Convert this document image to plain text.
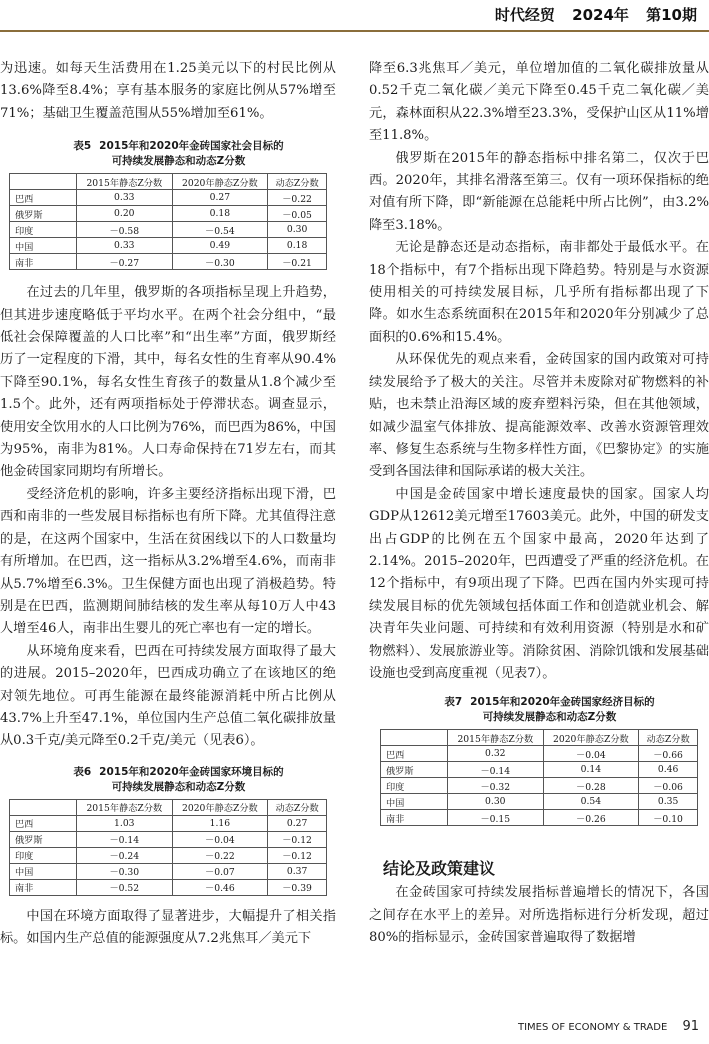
时代经贸 2024年 第10期

为迅速。如每天生活费用在1.25美元以下的村民比例从13.6%降至8.4%；享有基本服务的家庭比例从57%增至71%；基础卫生覆盖范围从55%增加至61%。

表5 2015年和2020年金砖国家社会目标的

可持续发展静态和动态Z分数

	2015年静态Z分数	2020年静态Z分数	动态Z分数
巴西	0.33	0.27	－0.22
俄罗斯	0.20	0.18	－0.05
印度	－0.58	－0.54	0.30
中国	0.33	0.49	0.18
南非	－0.27	－0.30	－0.21

在过去的几年里，俄罗斯的各项指标呈现上升趋势，但其进步速度略低于平均水平。在两个社会分组中，“最低社会保障覆盖的人口比率”和“出生率”方面，俄罗斯经历了一定程度的下滑，其中，每名女性的生育率从90.4%下降至90.1%，每名女性生育孩子的数量从1.8个减少至1.5个。此外，还有两项指标处于停滞状态。调查显示，使用安全饮用水的人口比例为76%，而巴西为86%，中国为95%，南非为81%。人口寿命保持在71岁左右，而其他金砖国家同期均有所增长。

受经济危机的影响，许多主要经济指标出现下滑，巴西和南非的一些发展目标指标也有所下降。尤其值得注意的是，在这两个国家中，生活在贫困线以下的人口数量均有所增加。在巴西，这一指标从3.2%增至4.6%，而南非从5.7%增至6.3%。卫生保健方面也出现了消极趋势。特别是在巴西，监测期间肺结核的发生率从每10万人中43人增至46人，南非出生婴儿的死亡率也有一定的增长。

从环境角度来看，巴西在可持续发展方面取得了最大的进展。2015–2020年，巴西成功确立了在该地区的绝对领先地位。可再生能源在最终能源消耗中所占比例从43.7%上升至47.1%，单位国内生产总值二氧化碳排放量从0.3千克/美元降至0.2千克/美元（见表6）。

表6 2015年和2020年金砖国家环境目标的

可持续发展静态和动态Z分数

	2015年静态Z分数	2020年静态Z分数	动态Z分数
巴西	1.03	1.16	0.27
俄罗斯	－0.14	－0.04	－0.12
印度	－0.24	－0.22	－0.12
中国	－0.30	－0.07	0.37
南非	－0.52	－0.46	－0.39

中国在环境方面取得了显著进步，大幅提升了相关指标。如国内生产总值的能源强度从7.2兆焦耳／美元下

降至6.3兆焦耳／美元，单位增加值的二氧化碳排放量从0.52千克二氧化碳／美元下降至0.45千克二氧化碳／美元，森林面积从22.3%增至23.3%，受保护山区从11%增至11.8%。

俄罗斯在2015年的静态指标中排名第二，仅次于巴西。2020年，其排名滑落至第三。仅有一项环保指标的绝对值有所下降，即“新能源在总能耗中所占比例”，由3.2%降至3.18%。

无论是静态还是动态指标，南非都处于最低水平。在18个指标中，有7个指标出现下降趋势。特别是与水资源使用相关的可持续发展目标，几乎所有指标都出现了下降。如水生态系统面积在2015年和2020年分别减少了总面积的0.6%和15.4%。

从环保优先的观点来看，金砖国家的国内政策对可持续发展给予了极大的关注。尽管并未废除对矿物燃料的补贴，也未禁止沿海区域的废弃塑料污染，但在其他领域，如减少温室气体排放、提高能源效率、改善水资源管理效率、修复生态系统与生物多样性方面，《巴黎协定》的实施受到各国法律和国际承诺的极大关注。

中国是金砖国家中增长速度最快的国家。国家人均GDP从12612美元增至17603美元。此外，中国的研发支出占GDP的比例在五个国家中最高，2020年达到了2.14%。2015–2020年，巴西遭受了严重的经济危机。在12个指标中，有9项出现了下降。巴西在国内外实现可持续发展目标的优先领域包括体面工作和创造就业机会、解决青年失业问题、可持续和有效利用资源（特别是水和矿物燃料）、发展旅游业等。消除贫困、消除饥饿和发展基础设施也受到高度重视（见表7）。

表7 2015年和2020年金砖国家经济目标的

可持续发展静态和动态Z分数

	2015年静态Z分数	2020年静态Z分数	动态Z分数
巴西	0.32	－0.04	－0.66
俄罗斯	－0.14	0.14	0.46
印度	－0.32	－0.28	－0.06
中国	0.30	0.54	0.35
南非	－0.15	－0.26	－0.10
结论及政策建议

在金砖国家可持续发展指标普遍增长的情况下，各国之间存在水平上的差异。对所选指标进行分析发现，超过80%的指标显示，金砖国家普遍取得了数据增

TIMES OF ECONOMY & TRADE 91
